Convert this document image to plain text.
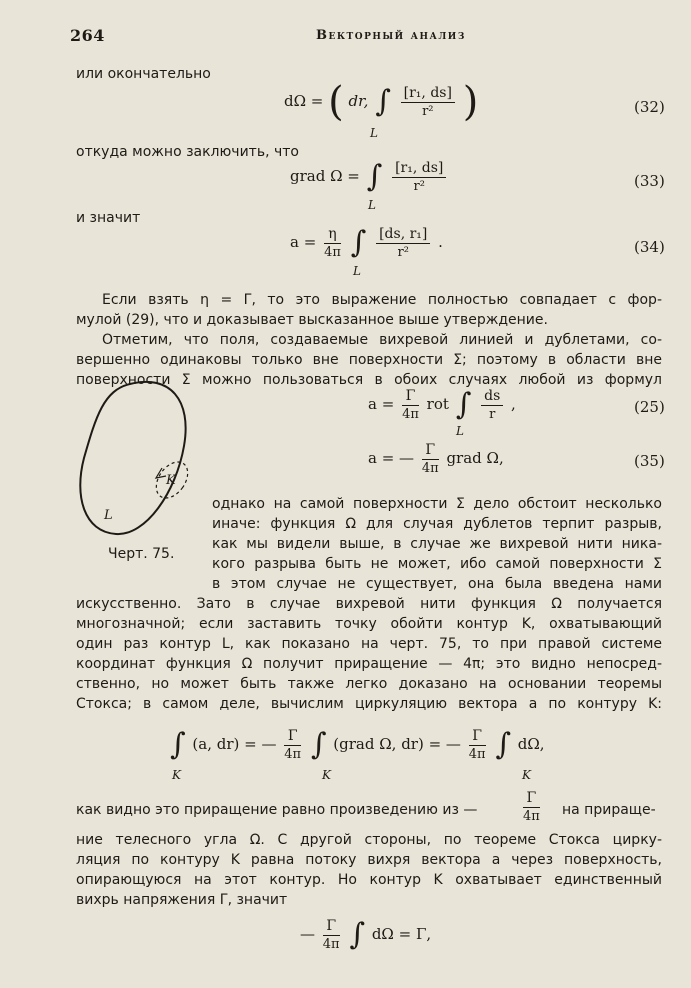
264	Векторный анализ
или окончательно
dΩ = ( dr, ∫ $\frac{\text{[r₁, ds]}}{\text{r²}}$ )
L
(32)
откуда можно заключить, что
grad Ω = ∫ $\frac{\text{[r₁, ds]}}{\text{r²}}$
L
(33)
и значит
$a = \frac{\eta}{4\pi}$ ∫ $\frac{\text{[ds, r₁]}}{\text{r²}}$ .
L
(34)
Если взять η = Γ, то это выражение полностью совпадает с фор-
мулой (29), что и доказывает высказанное выше утверждение.
Отметим, что поля, создаваемые вихревой линией и дублетами, со-
вершенно одинаковы только вне поверхности Σ; поэтому в области вне
поверхности Σ можно пользоваться в обоих случаях любой из формул
K
L
Черт. 75.
$a = \frac{\Gamma}{4\pi}$ rot ∫ $\frac{ds}{r}$ ,
L
(25)
a = — $\frac{\Gamma}{4\pi}$ grad Ω,	(35)
однако на самой поверхности Σ дело обстоит несколько
иначе: функция Ω для случая дублетов терпит разрыв,
как мы видели выше, в случае же вихревой нити ника-
кого разрыва быть не может, ибо самой поверхности Σ
в этом случае не существует, она была введена нами
искусственно. Зато в случае вихревой нити функция Ω получается
многозначной; если заставить точку обойти контур K, охватывающий
один раз контур L, как показано на черт. 75, то при правой системе
координат функция Ω получит приращение — 4π; это видно непосред-
ственно, но может быть также легко доказано на основании теоремы
Стокса; в самом деле, вычислим циркуляцию вектора a по контуру K:
∫ (a, dr) = — $\frac{\Gamma}{4\pi}$ ∫ (grad Ω, dr) = — $\frac{\Gamma}{4\pi}$ ∫ dΩ,
K	K	K
как видно это приращение равно произведению из —	$\frac{\Gamma}{4\pi}$ на прираще-
ние телесного угла Ω. С другой стороны, по теореме Стокса цирку-
ляция по контуру K равна потоку вихря вектора a через поверхность,
опирающуюся на этот контур. Но контур K охватывает единственный
вихрь напряжения Γ, значит
— $\frac{\Gamma}{4\pi}$ ∫ dΩ = Γ,
